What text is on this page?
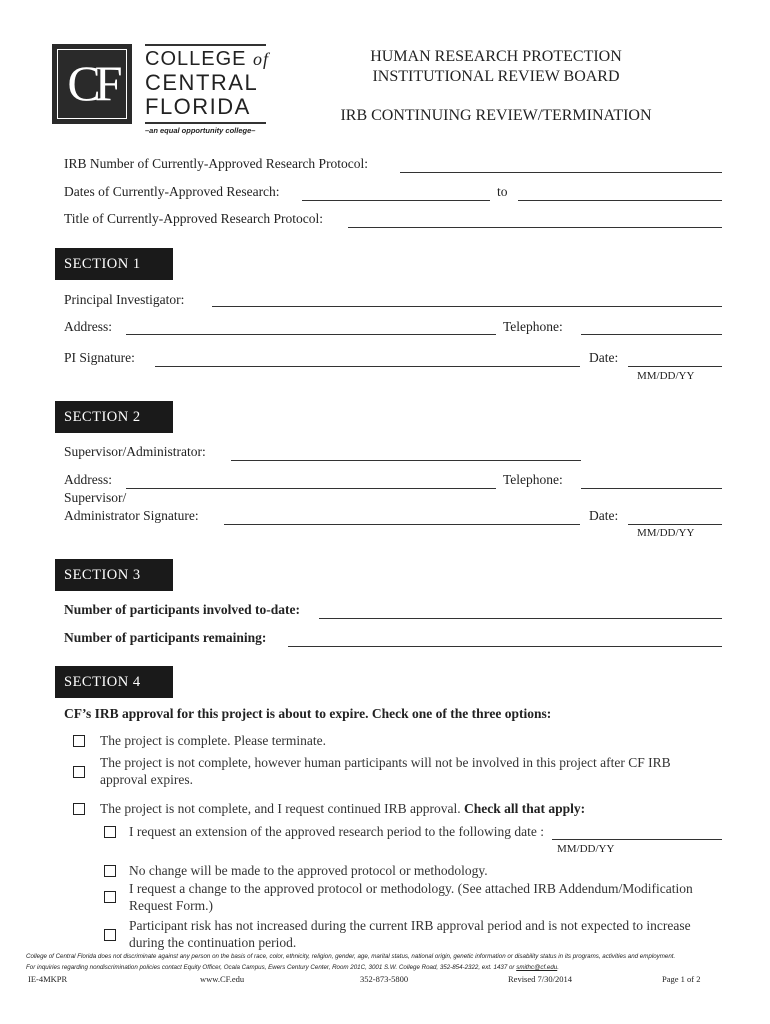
CF	COLLEGE of
CENTRAL
FLORIDA
–an equal opportunity college–
HUMAN RESEARCH PROTECTION
INSTITUTIONAL REVIEW BOARD
IRB CONTINUING REVIEW/TERMINATION
IRB Number of Currently-Approved Research Protocol:
Dates of Currently-Approved Research:	to
Title of Currently-Approved Research Protocol:
SECTION 1
Principal Investigator:
Address:	Telephone:
PI Signature:	Date:
MM/DD/YY
SECTION 2
Supervisor/Administrator:
Address:	Telephone:
Supervisor/
Administrator Signature:	Date:
MM/DD/YY
SECTION 3
Number of participants involved to-date:
Number of participants remaining:
SECTION 4
CF’s IRB approval for this project is about to expire. Check one of the three options:
The project is complete. Please terminate.
The project is not complete, however human participants will not be involved in this project after CF IRB
approval expires.
The project is not complete, and I request continued IRB approval. Check all that apply:
I request an extension of the approved research period to the following date :
MM/DD/YY
No change will be made to the approved protocol or methodology.
I request a change to the approved protocol or methodology. (See attached IRB Addendum/Modification
Request Form.)
Participant risk has not increased during the current IRB approval period and is not expected to increase
during the continuation period.
College of Central Florida does not discriminate against any person on the basis of race, color, ethnicity, religion, gender, age, marital status, national origin, genetic information or disability status in its programs, activities and employment.
For inquiries regarding nondiscrimination policies contact Equity Officer, Ocala Campus, Ewers Century Center, Room 201C, 3001 S.W. College Road, 352-854-2322, ext. 1437 or smithc@cf.edu.
IE-4MKPR	www.CF.edu	352-873-5800	Revised 7/30/2014	Page 1 of 2
